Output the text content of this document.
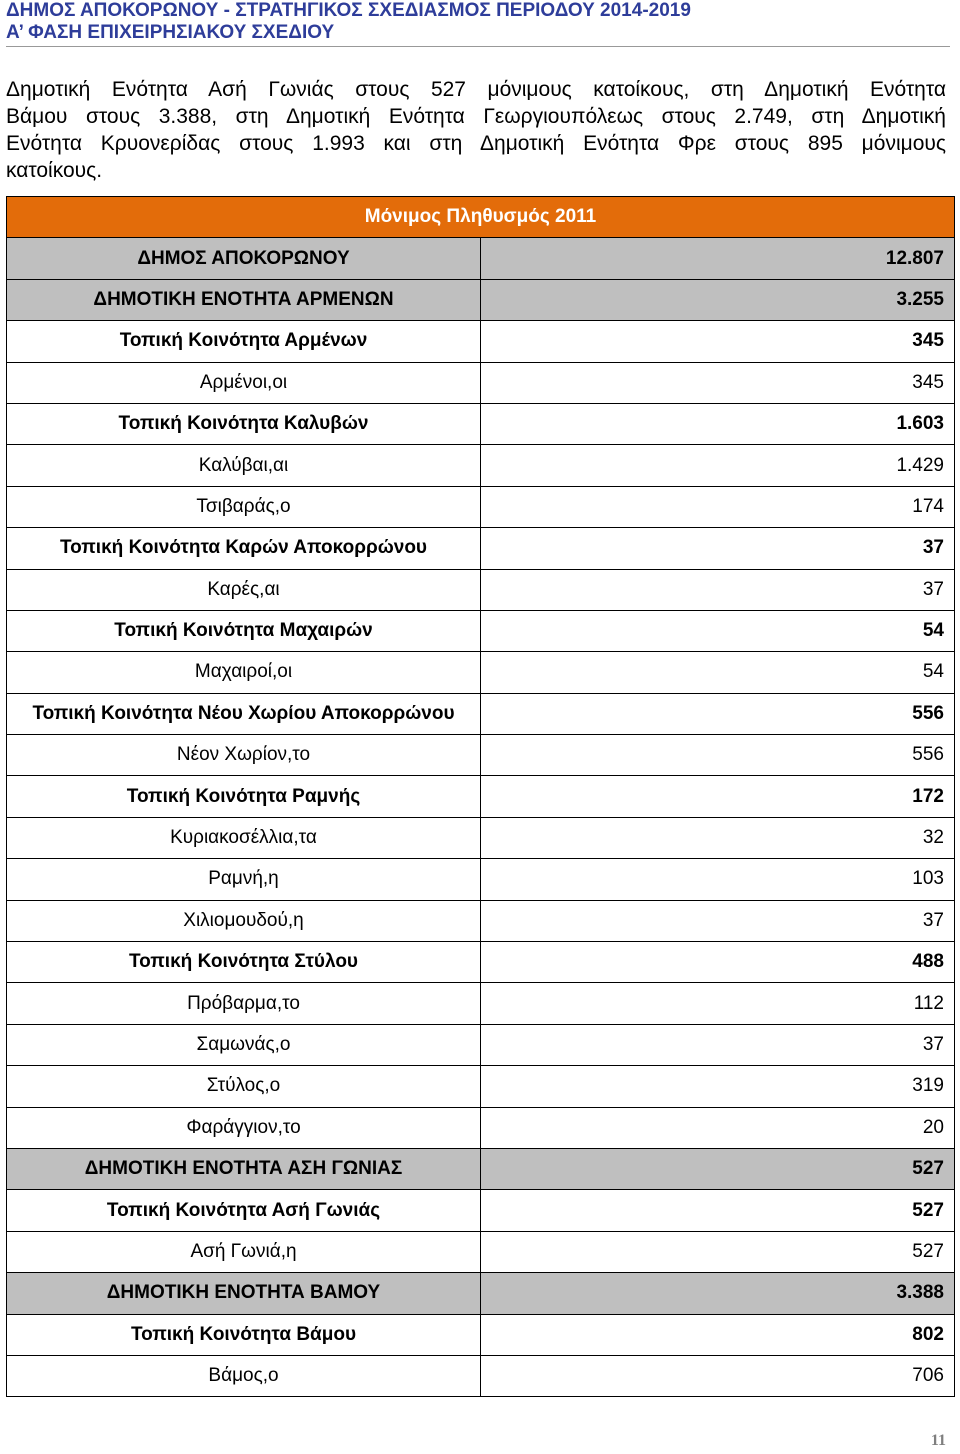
ΔΗΜΟΣ ΑΠΟΚΟΡΩΝΟΥ - ΣΤΡΑΤΗΓΙΚΟΣ ΣΧΕΔΙΑΣΜΟΣ ΠΕΡΙΟΔΟΥ 2014-2019
Α’ ΦΑΣΗ ΕΠΙΧΕΙΡΗΣΙΑΚΟΥ ΣΧΕΔΙΟΥ
Δημοτική Ενότητα Ασή Γωνιάς στους 527 μόνιμους κατοίκους, στη Δημοτική Ενότητα
Βάμου στους 3.388, στη Δημοτική Ενότητα Γεωργιουπόλεως στους 2.749, στη Δημοτική
Ενότητα Κρυονερίδας στους 1.993 και στη Δημοτική Ενότητα Φρε στους 895 μόνιμους
κατοίκους.
Μόνιμος Πληθυσμός 2011	
ΔΗΜΟΣ ΑΠΟΚΟΡΩΝΟΥ	12.807
ΔΗΜΟΤΙΚΗ ΕΝΟΤΗΤΑ ΑΡΜΕΝΩΝ	3.255
Τοπική Κοινότητα Αρμένων	345
Αρμένοι,οι	345
Τοπική Κοινότητα Καλυβών	1.603
Καλύβαι,αι	1.429
Τσιβαράς,ο	174
Τοπική Κοινότητα Καρών Αποκορρώνου	37
Καρές,αι	37
Τοπική Κοινότητα Μαχαιρών	54
Μαχαιροί,οι	54
Τοπική Κοινότητα Νέου Χωρίου Αποκορρώνου	556
Νέον Χωρίον,το	556
Τοπική Κοινότητα Ραμνής	172
Κυριακοσέλλια,τα	32
Ραμνή,η	103
Χιλιομουδού,η	37
Τοπική Κοινότητα Στύλου	488
Πρόβαρμα,το	112
Σαμωνάς,ο	37
Στύλος,ο	319
Φαράγγιον,το	20
ΔΗΜΟΤΙΚΗ ΕΝΟΤΗΤΑ ΑΣΗ ΓΩΝΙΑΣ	527
Τοπική Κοινότητα Ασή Γωνιάς	527
Ασή Γωνιά,η	527
ΔΗΜΟΤΙΚΗ ΕΝΟΤΗΤΑ ΒΑΜΟΥ	3.388
Τοπική Κοινότητα Βάμου	802
Βάμος,ο	706
11
